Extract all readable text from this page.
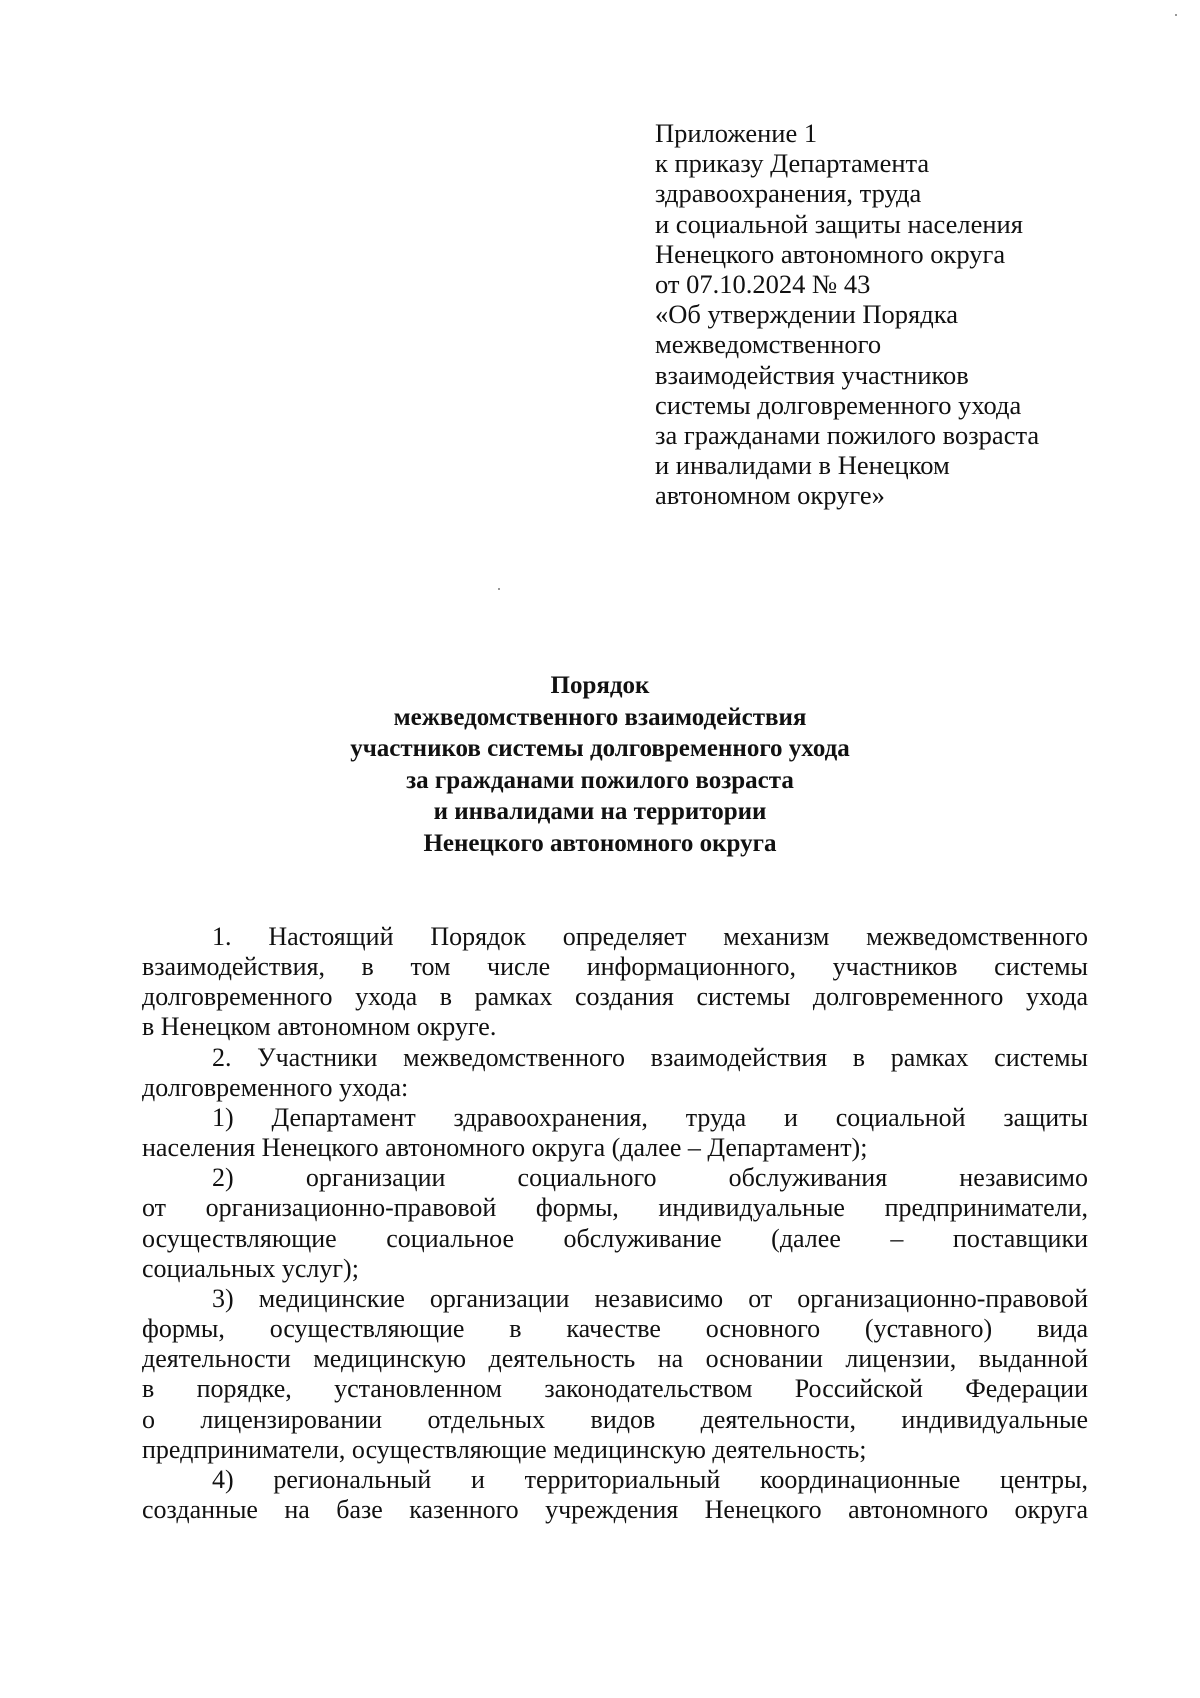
Приложение 1
к приказу Департамента
здравоохранения, труда
и социальной защиты населения
Ненецкого автономного округа
от 07.10.2024 № 43
«Об утверждении Порядка
межведомственного
взаимодействия участников
системы долговременного ухода
за гражданами пожилого возраста
и инвалидами в Ненецком
автономном округе»
Порядок
межведомственного взаимодействия
участников системы долговременного ухода
за гражданами пожилого возраста
и инвалидами на территории
Ненецкого автономного округа
1. Настоящий Порядок определяет механизм межведомственного
взаимодействия, в том числе информационного, участников системы
долговременного ухода в рамках создания системы долговременного ухода
в Ненецком автономном округе.
2. Участники межведомственного взаимодействия в рамках системы
долговременного ухода:
1) Департамент здравоохранения, труда и социальной защиты
населения Ненецкого автономного округа (далее – Департамент);
2) организации социального обслуживания независимо
от организационно-правовой формы, индивидуальные предприниматели,
осуществляющие социальное обслуживание (далее – поставщики
социальных услуг);
3) медицинские организации независимо от организационно-правовой
формы, осуществляющие в качестве основного (уставного) вида
деятельности медицинскую деятельность на основании лицензии, выданной
в порядке, установленном законодательством Российской Федерации
о лицензировании отдельных видов деятельности, индивидуальные
предприниматели, осуществляющие медицинскую деятельность;
4) региональный и территориальный координационные центры,
созданные на базе казенного учреждения Ненецкого автономного округа
